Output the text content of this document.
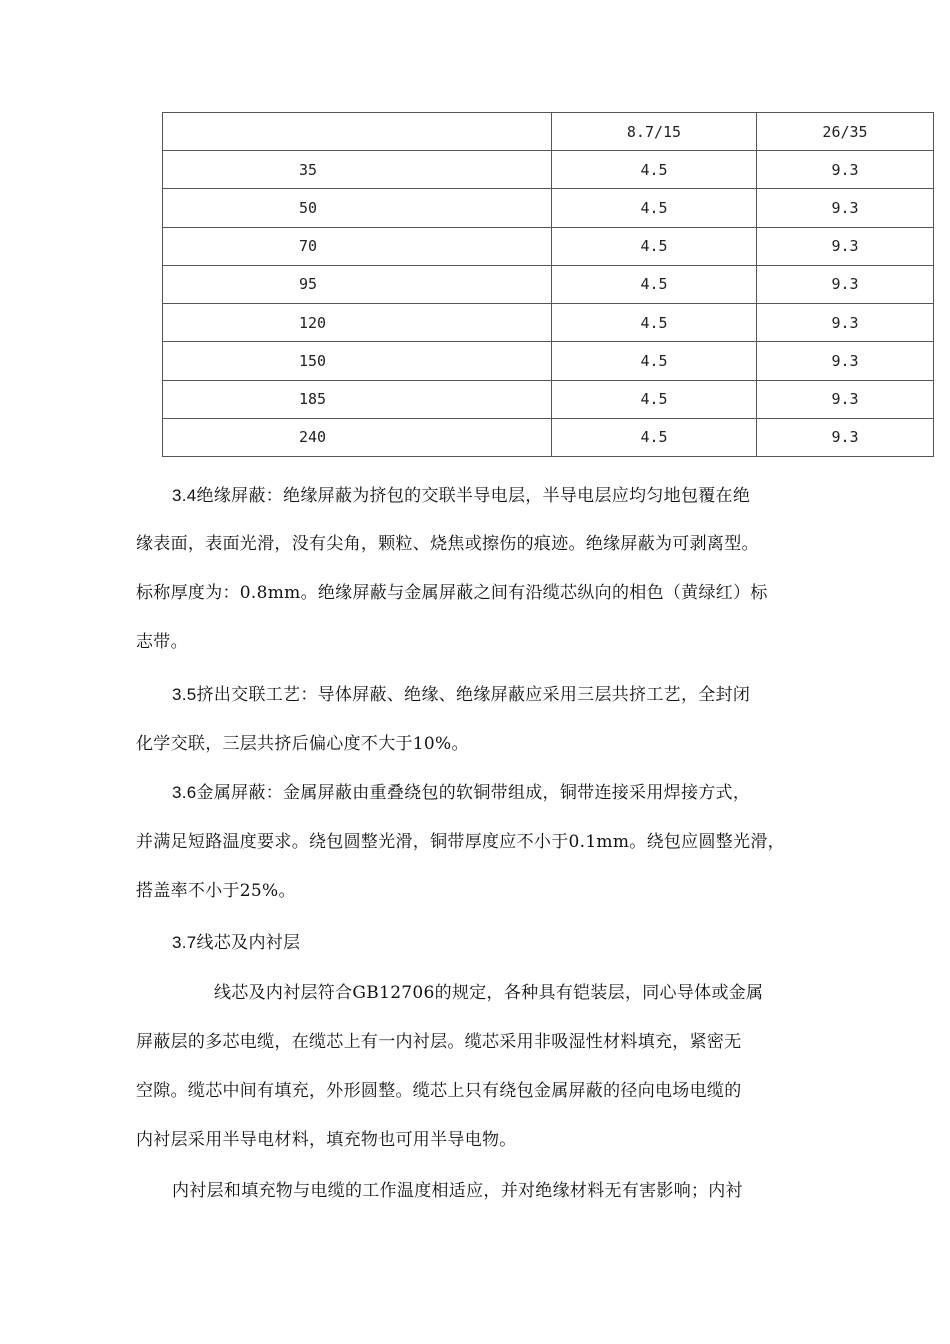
	8.7/15	26/35
35	4.5	9.3
50	4.5	9.3
70	4.5	9.3
95	4.5	9.3
120	4.5	9.3
150	4.5	9.3
185	4.5	9.3
240	4.5	9.3
3.4绝缘屏蔽：绝缘屏蔽为挤包的交联半导电层，半导电层应均匀地包覆在绝
缘表面，表面光滑，没有尖角，颗粒、烧焦或擦伤的痕迹。绝缘屏蔽为可剥离型。
标称厚度为：0.8mm。绝缘屏蔽与金属屏蔽之间有沿缆芯纵向的相色（黄绿红）标
志带。
3.5挤出交联工艺：导体屏蔽、绝缘、绝缘屏蔽应采用三层共挤工艺，全封闭
化学交联，三层共挤后偏心度不大于10%。
3.6金属屏蔽：金属屏蔽由重叠绕包的软铜带组成，铜带连接采用焊接方式，
并满足短路温度要求。绕包圆整光滑，铜带厚度应不小于0.1mm。绕包应圆整光滑，
搭盖率不小于25%。
3.7线芯及内衬层
线芯及内衬层符合GB12706的规定，各种具有铠装层，同心导体或金属
屏蔽层的多芯电缆，在缆芯上有一内衬层。缆芯采用非吸湿性材料填充，紧密无
空隙。缆芯中间有填充，外形圆整。缆芯上只有绕包金属屏蔽的径向电场电缆的
内衬层采用半导电材料，填充物也可用半导电物。
内衬层和填充物与电缆的工作温度相适应，并对绝缘材料无有害影响；内衬
